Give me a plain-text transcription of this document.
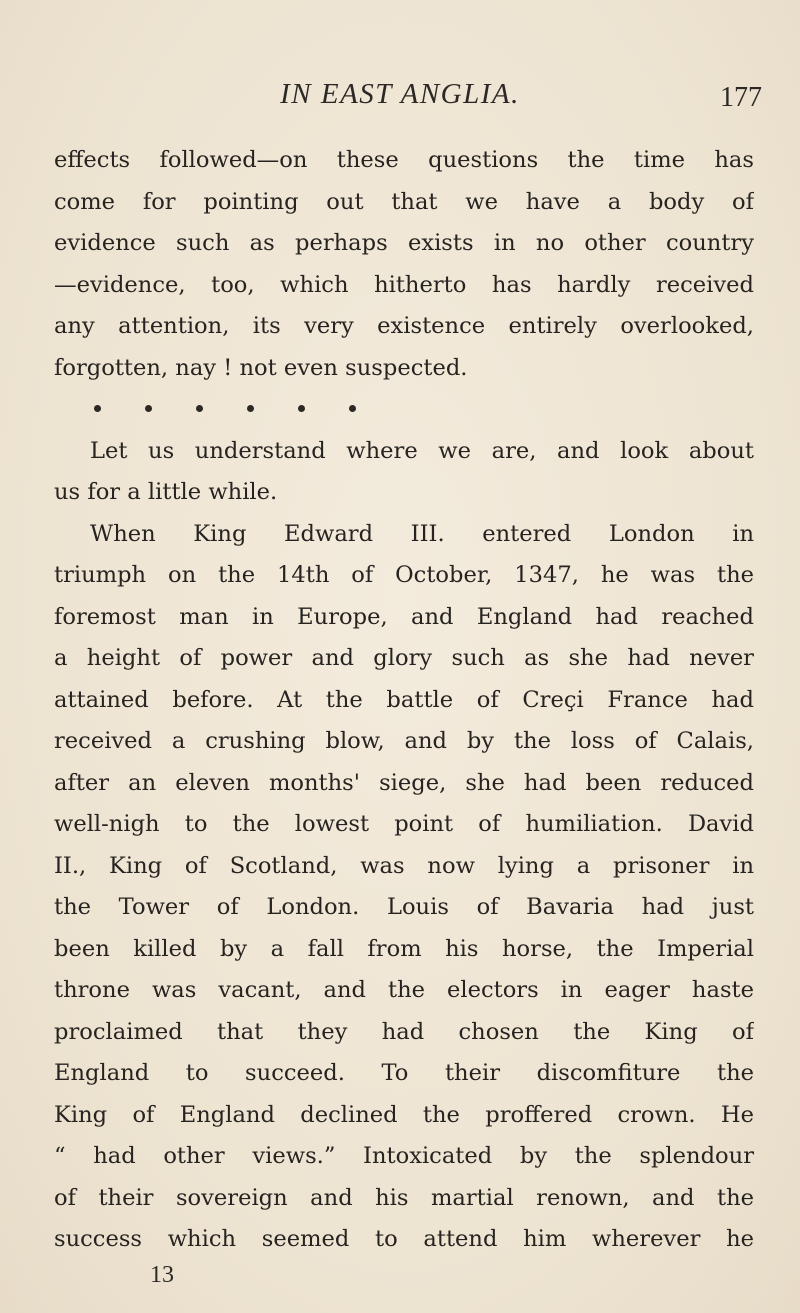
IN EAST ANGLIA.	177
effects followed—on these questions the time has
come for pointing out that we have a body of
evidence such as perhaps exists in no other country
—evidence, too, which hitherto has hardly received
any attention, its very existence entirely overlooked,
forgotten, nay ! not even suspected.
Let us understand where we are, and look about
us for a little while.
When King Edward III. entered London in
triumph on the 14th of October, 1347, he was the
foremost man in Europe, and England had reached
a height of power and glory such as she had never
attained before. At the battle of Creçi France had
received a crushing blow, and by the loss of Calais,
after an eleven months' siege, she had been reduced
well-nigh to the lowest point of humiliation. David
II., King of Scotland, was now lying a prisoner in
the Tower of London. Louis of Bavaria had just
been killed by a fall from his horse, the Imperial
throne was vacant, and the electors in eager haste
proclaimed that they had chosen the King of
England to succeed. To their discomfiture the
King of England declined the proffered crown. He
“ had other views.” Intoxicated by the splendour
of their sovereign and his martial renown, and the
success which seemed to attend him wherever he
13
